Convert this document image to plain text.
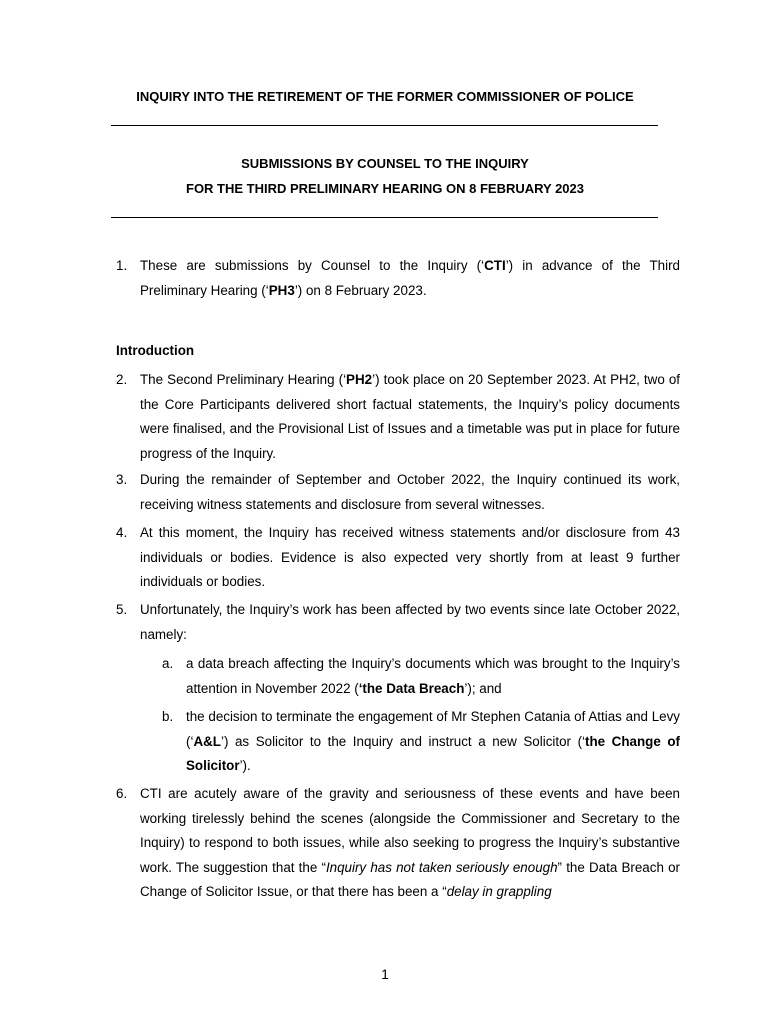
INQUIRY INTO THE RETIREMENT OF THE FORMER COMMISSIONER OF POLICE
SUBMISSIONS BY COUNSEL TO THE INQUIRY
FOR THE THIRD PRELIMINARY HEARING ON 8 FEBRUARY 2023
1. These are submissions by Counsel to the Inquiry (‘CTI’) in advance of the Third Preliminary Hearing (‘PH3’) on 8 February 2023.
Introduction
2. The Second Preliminary Hearing (‘PH2’) took place on 20 September 2023. At PH2, two of the Core Participants delivered short factual statements, the Inquiry’s policy documents were finalised, and the Provisional List of Issues and a timetable was put in place for future progress of the Inquiry.
3. During the remainder of September and October 2022, the Inquiry continued its work, receiving witness statements and disclosure from several witnesses.
4. At this moment, the Inquiry has received witness statements and/or disclosure from 43 individuals or bodies. Evidence is also expected very shortly from at least 9 further individuals or bodies.
5. Unfortunately, the Inquiry’s work has been affected by two events since late October 2022, namely:
a. a data breach affecting the Inquiry’s documents which was brought to the Inquiry’s attention in November 2022 (‘the Data Breach’); and
b. the decision to terminate the engagement of Mr Stephen Catania of Attias and Levy (‘A&L’) as Solicitor to the Inquiry and instruct a new Solicitor (‘the Change of Solicitor’).
6. CTI are acutely aware of the gravity and seriousness of these events and have been working tirelessly behind the scenes (alongside the Commissioner and Secretary to the Inquiry) to respond to both issues, while also seeking to progress the Inquiry’s substantive work. The suggestion that the “Inquiry has not taken seriously enough” the Data Breach or Change of Solicitor Issue, or that there has been a “delay in grappling
1
